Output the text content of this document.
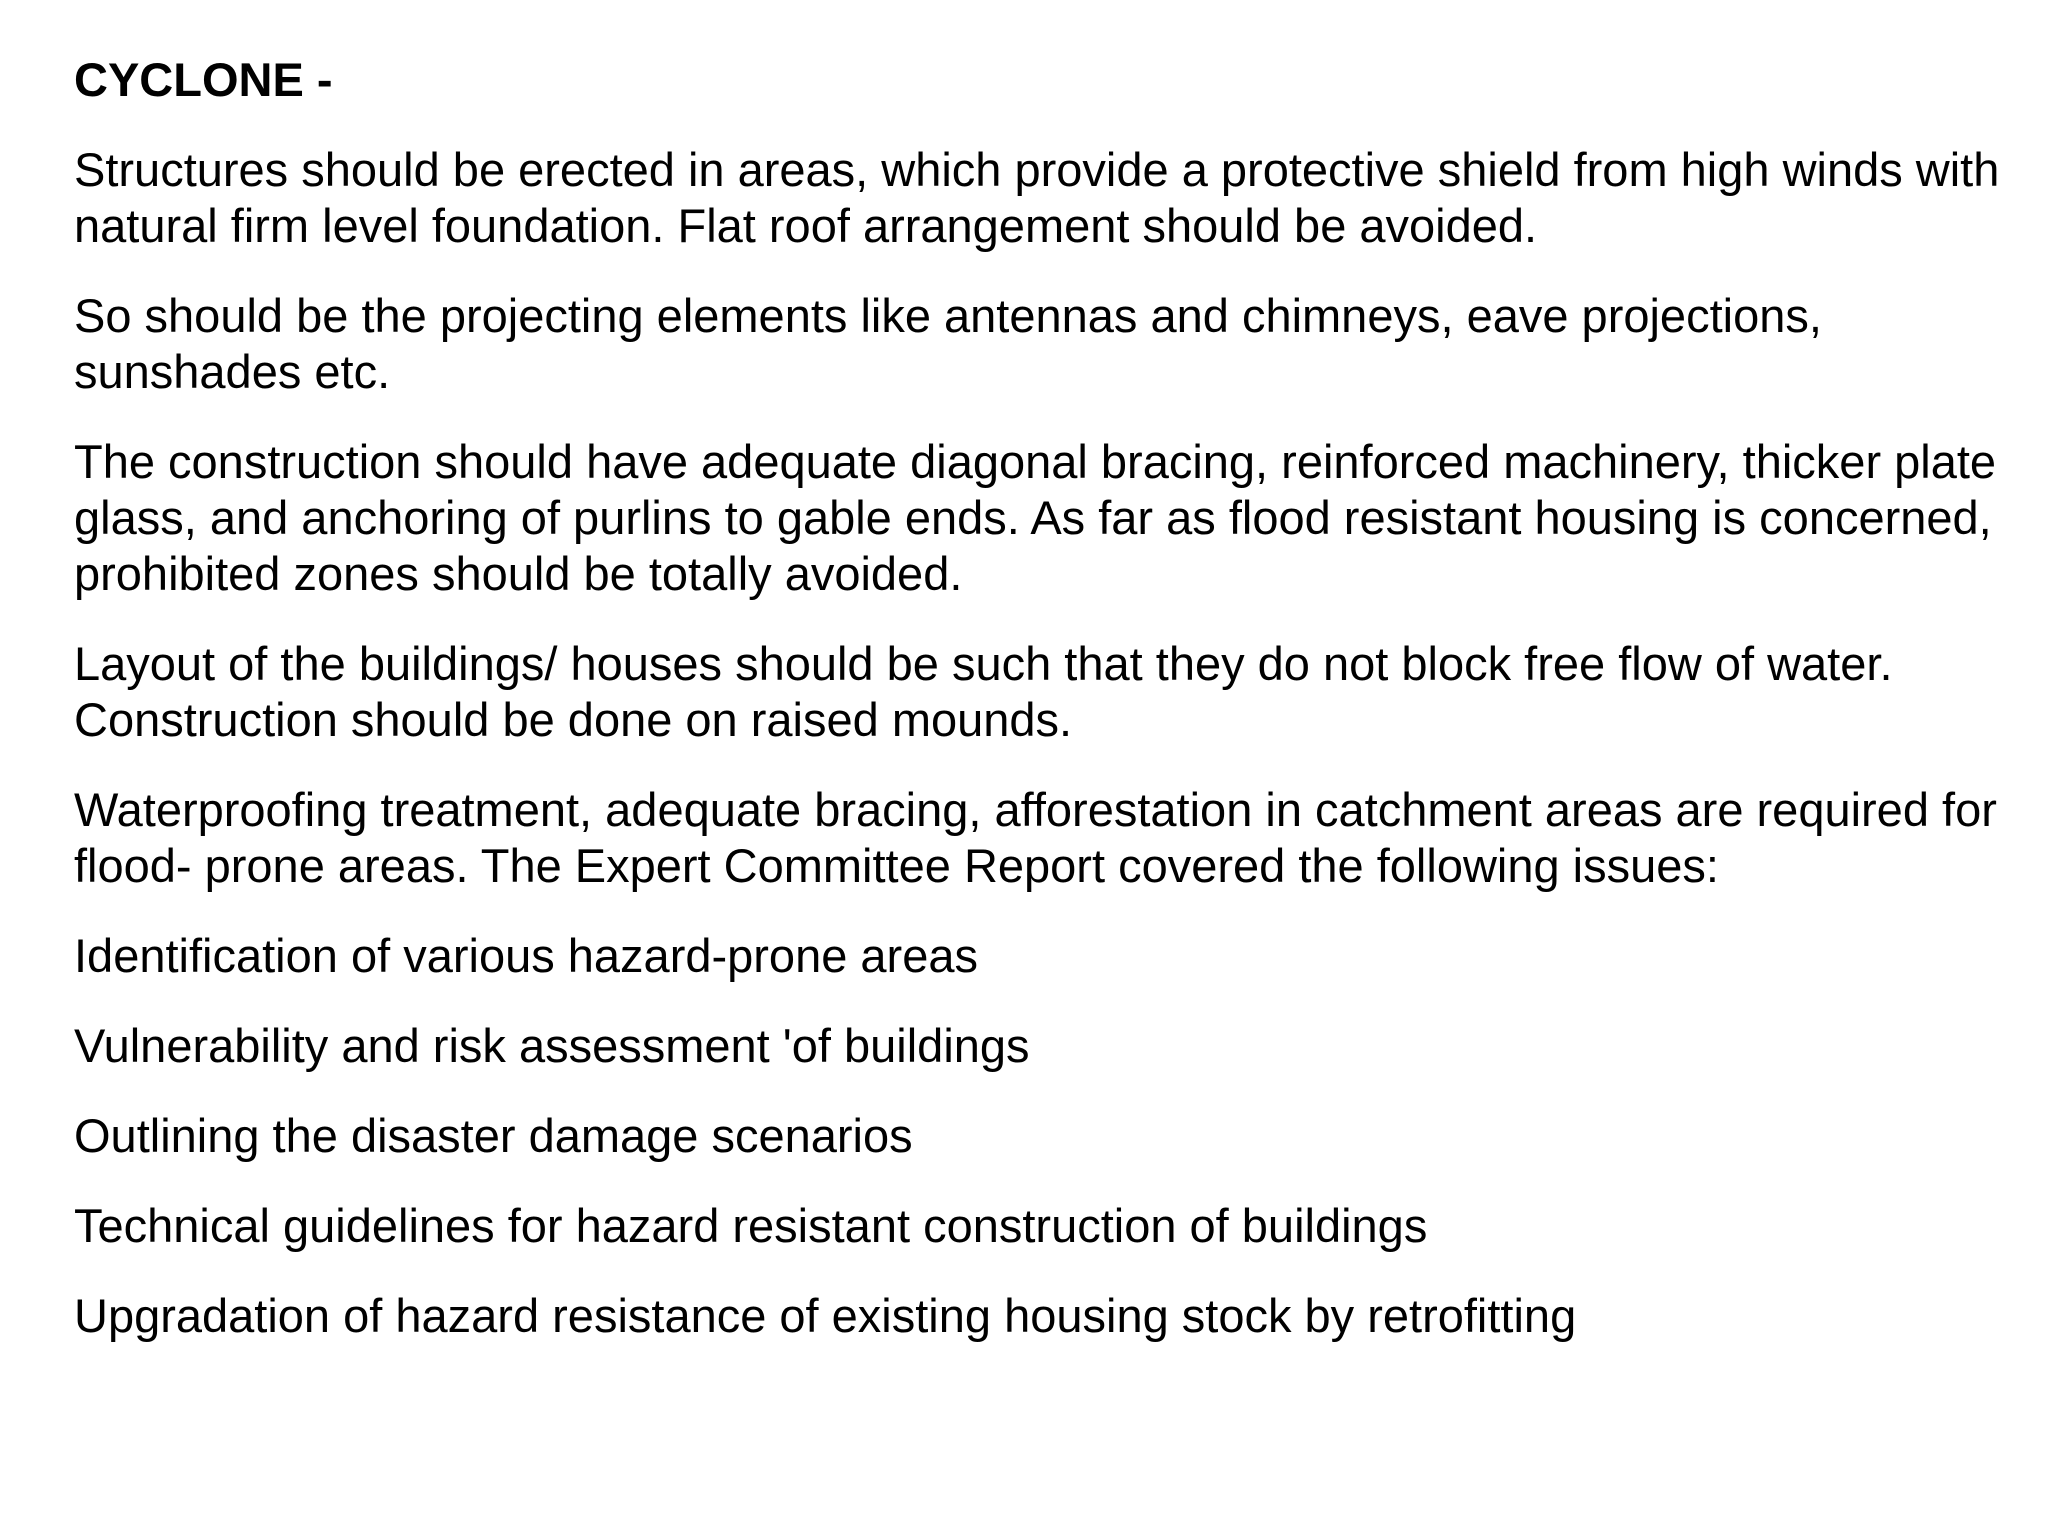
CYCLONE -

Structures should be erected in areas, which provide a protective shield from high winds with natural firm level foundation. Flat roof arrangement should be avoided.

So should be the projecting elements like antennas and chimneys, eave projections, sunshades etc.

The construction should have adequate diagonal bracing, reinforced machinery, thicker plate glass, and anchoring of purlins to gable ends. As far as flood resistant housing is concerned, prohibited zones should be totally avoided.

Layout of the buildings/ houses should be such that they do not block free flow of water. Construction should be done on raised mounds.

Waterproofing treatment, adequate bracing, afforestation in catchment areas are required for flood- prone areas. The Expert Committee Report covered the following issues:

Identification of various hazard-prone areas
Vulnerability and risk assessment 'of buildings
Outlining the disaster damage scenarios
Technical guidelines for hazard resistant construction of buildings
Upgradation of hazard resistance of existing housing stock by retrofitting
